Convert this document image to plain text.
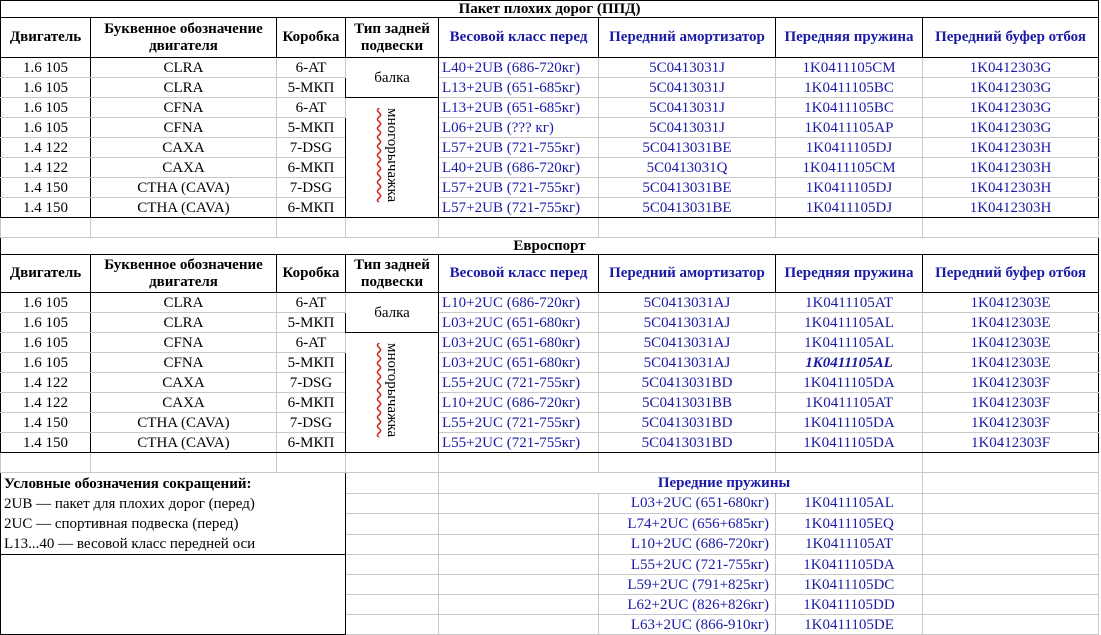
Пакет плохих дорог (ППД)							
Двигатель	Буквенное обозначение двигателя	Коробка	Тип задней подвески	Весовой класс перед	Передний амортизатор	Передняя пружина	Передний буфер отбоя
1.6 105	CLRA	6-AT	балка	L40+2UB (686-720кг)	5C0413031J	1K0411105CM	1K0412303G
1.6 105	CLRA	5-МКП		L13+2UB (651-685кг)	5C0413031J	1K0411105BC	1K0412303G
1.6 105	CFNA	6-AT	многорычажка	L13+2UB (651-685кг)	5C0413031J	1K0411105BC	1K0412303G
1.6 105	CFNA	5-МКП		L06+2UB (??? кг)	5C0413031J	1K0411105AP	1K0412303G
1.4 122	CAXA	7-DSG		L57+2UB (721-755кг)	5C0413031BE	1K0411105DJ	1K0412303H
1.4 122	CAXA	6-МКП		L40+2UB (686-720кг)	5C0413031Q	1K0411105CM	1K0412303H
1.4 150	CTHA (CAVA)	7-DSG		L57+2UB (721-755кг)	5C0413031BE	1K0411105DJ	1K0412303H
1.4 150	CTHA (CAVA)	6-МКП		L57+2UB (721-755кг)	5C0413031BE	1K0411105DJ	1K0412303H

Евроспорт							
Двигатель	Буквенное обозначение двигателя	Коробка	Тип задней подвески	Весовой класс перед	Передний амортизатор	Передняя пружина	Передний буфер отбоя
1.6 105	CLRA	6-AT	балка	L10+2UC (686-720кг)	5C0413031AJ	1K0411105AT	1K0412303E
1.6 105	CLRA	5-МКП		L03+2UC (651-680кг)	5C0413031AJ	1K0411105AL	1K0412303E
1.6 105	CFNA	6-AT	многорычажка	L03+2UC (651-680кг)	5C0413031AJ	1K0411105AL	1K0412303E
1.6 105	CFNA	5-МКП		L03+2UC (651-680кг)	5C0413031AJ	1K0411105AL	1K0412303E
1.4 122	CAXA	7-DSG		L55+2UC (721-755кг)	5C0413031BD	1K0411105DA	1K0412303F
1.4 122	CAXA	6-МКП		L10+2UC (686-720кг)	5C0413031BB	1K0411105AT	1K0412303F
1.4 150	CTHA (CAVA)	7-DSG		L55+2UC (721-755кг)	5C0413031BD	1K0411105DA	1K0412303F
1.4 150	CTHA (CAVA)	6-МКП		L55+2UC (721-755кг)	5C0413031BD	1K0411105DA	1K0412303F

Условные обозначения сокращений:
2UB — пакет для плохих дорог (перед)
2UC — спортивная подвеска (перед)
L13...40 — весовой класс передней оси				Передние пружины			
					L03+2UC (651-680кг)	1K0411105AL	
					L74+2UC (656+685кг)	1K0411105EQ	
					L10+2UC (686-720кг)	1K0411105AT	
					L55+2UC (721-755кг)	1K0411105DA	
					L59+2UC (791+825кг)	1K0411105DC	
					L62+2UC (826+826кг)	1K0411105DD	
					L63+2UC (866-910кг)	1K0411105DE	
